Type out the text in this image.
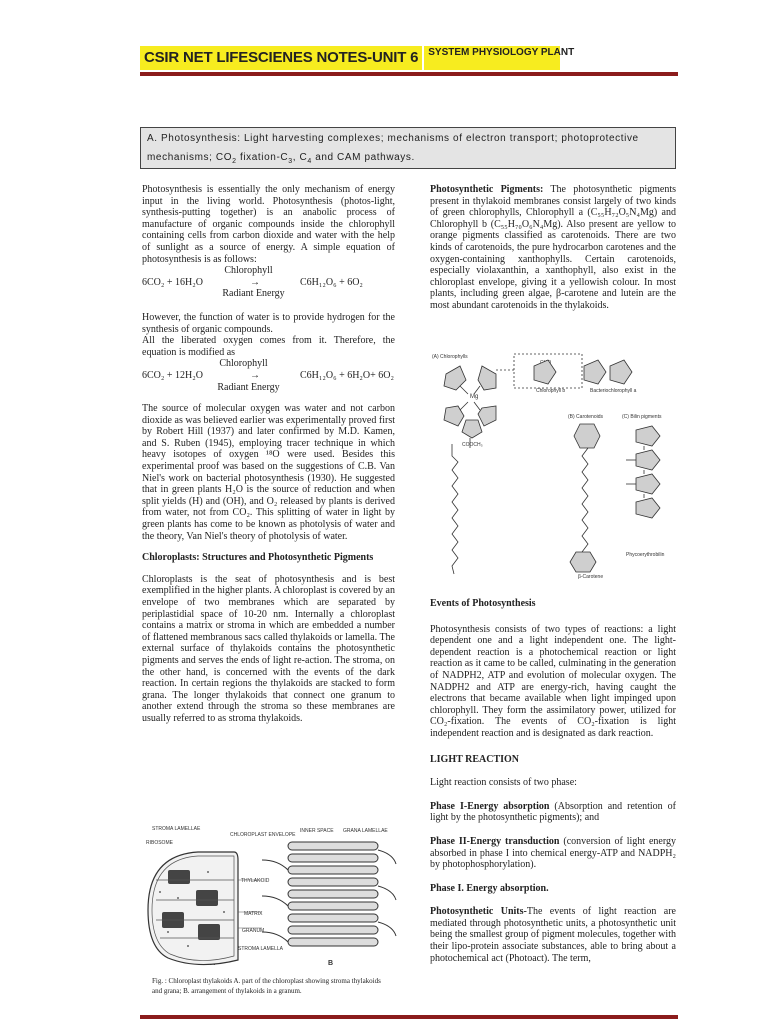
CSIR NET LIFESCIENES NOTES-UNIT 6	SYSTEM PHYSIOLOGY PLANT
A. Photosynthesis: Light harvesting complexes; mechanisms of electron transport; photoprotective
mechanisms; $CO_2$ fixation-$C_3$, $C_4$ and CAM pathways.

Photosynthesis is essentially the only mechanism of energy input in the living world. Photosynthesis (photos-light, synthesis-putting together) is an anabolic process of manufacture of organic compounds inside the chlorophyll containing cells from carbon dioxide and water with the help of sunlight as a source of energy. A simple equation of photosynthesis is as follows:

Chlorophyll
6CO₂ + 16H₂O	→	C6H₁₂O₆ + 6O₂
Radiant Energy

However, the function of water is to provide hydrogen for the synthesis of organic compounds.

All the liberated oxygen comes from it. Therefore, the equation is modified as

Chlorophyll
6CO₂ + 12H₂O	→	C6H₁₂O₆ + 6H₂O+ 6O₂
Radiant Energy

The source of molecular oxygen was water and not carbon dioxide as was believed earlier was experimentally proved first by Robert Hill (1937) and later confirmed by M.D. Kamen, and S. Ruben (1945), employing tracer technique in which heavy isotopes of oxygen ¹⁸O were used. Besides this experimental proof was based on the suggestions of C.B. Van Niel's work on bacterial photosynthesis (1930). He suggested that in green plants H₂O is the source of reduction and when split yields (H) and (OH), and O₂ released by plants is derived from water, not from CO₂. This splitting of water in light by green plants has come to be known as photolysis of water and the theory, Van Niel's theory of photolysis of water.

Chloroplasts: Structures and Photosynthetic Pigments

Chloroplasts is the seat of photosynthesis and is best exemplified in the higher plants. A chloroplast is covered by an envelope of two membranes which are separated by periplastidial space of 10-20 nm. Internally a chloroplast contains a matrix or stroma in which are embedded a number of flattened membranous sacs called thylakoids or lamella. The external surface of thylakoids contains the photosynthetic pigments and serves the ends of light re-action. The stroma, on the other hand, is concerned with the events of the dark reaction. In certain regions the thylakoids are stacked to form grana. The longer thylakoids that connect one granum to another extend through the stroma so these membranes are usually referred to as stroma thylakoids.

STROMA LAMELLAE
RIBOSOME
CHLOROPLAST ENVELOPE
INNER SPACE GRANA LAMELLAE
THYLAKOID
MATRIX
GRANUM
STROMA LAMELLA
B
Fig. : Chloroplast thylakoids A. part of the chloroplast showing stroma thylakoids and grana; B. arrangement of thylakoids in a granum.

Photosynthetic Pigments: The photosynthetic pigments present in thylakoid membranes consist largely of two kinds of green chlorophylls, Chlorophyll a (C₅₅H₇₂O₅N₄Mg) and Chlorophyll b (C₅₅H₇₀O₆N₄Mg). Also present are yellow to orange pigments classified as carotenoids. There are two kinds of carotenoids, the pure hydrocarbon carotenes and the oxygen-containing xanthophylls. Certain carotenoids, especially violaxanthin, a xanthophyll, also exist in the chloroplast envelope, giving it a yellowish colour. In most plants, including green algae, β-carotene and lutein are the most abundant carotenoids in the thylakoids.

(A) Chlorophylls
Chlorophyll b	Bacteriochlorophyll a
(B) Carotenoids	(C) Bilin pigments
β-Carotene
Phycoerythrobilin
Mg
COOCH₃
Events of Photosynthesis

Photosynthesis consists of two types of reactions: a light dependent one and a light independent one. The light-dependent reaction is a photochemical reaction or light reaction as it came to be called, culminating in the generation of NADPH2, ATP and evolution of molecular oxygen. The NADPH2 and ATP are energy-rich, having caught the electrons that became available when light impinged upon chlorophyll. They form the assimilatory power, utilized for CO₂-fixation. The events of CO₂-fixation is light independent reaction and is designated as dark reaction.

LIGHT REACTION

Light reaction consists of two phase:

Phase I-Energy absorption (Absorption and retention of light by the photosynthetic pigments); and

Phase II-Energy transduction (conversion of light energy absorbed in phase I into chemical energy-ATP and NADPH₂ by photophosphorylation).

Phase I. Energy absorption.

Photosynthetic Units-The events of light reaction are mediated through photosynthetic units, a photosynthetic unit being the smallest group of pigment molecules, together with their lipo-protein associate substances, able to bring about a photochemical act (Photoact). The term,
